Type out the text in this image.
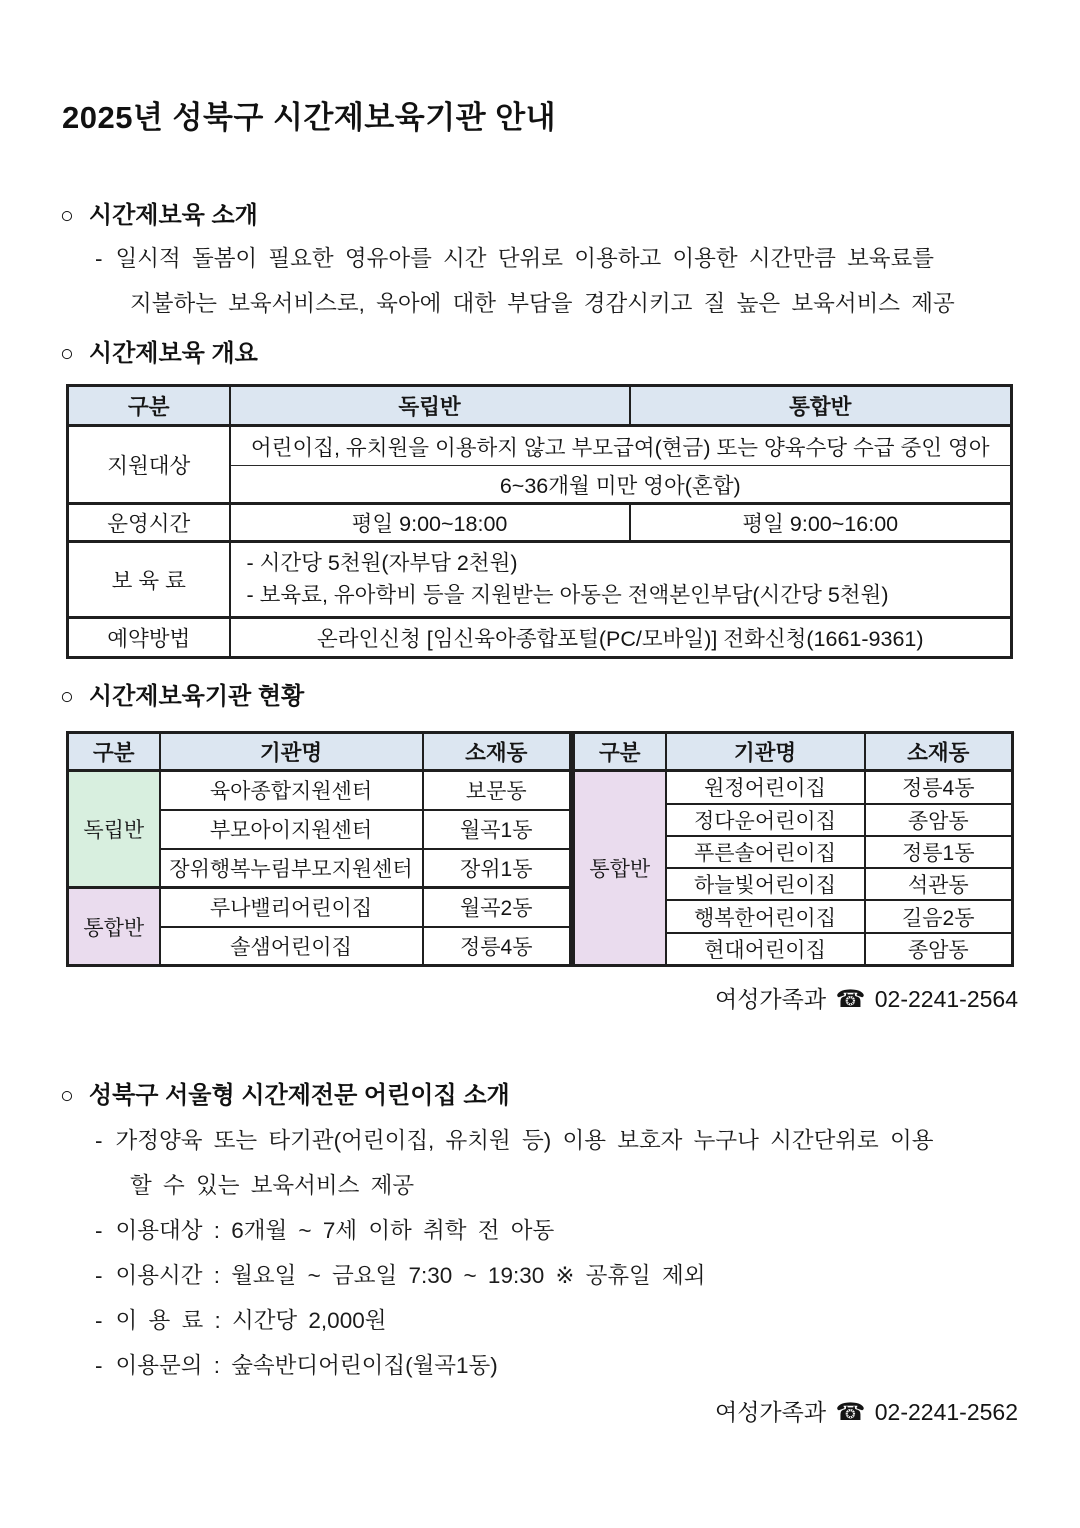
2025년 성북구 시간제보육기관 안내
○ 시간제보육 소개
- 일시적 돌봄이 필요한 영유아를 시간 단위로 이용하고 이용한 시간만큼 보육료를
지불하는 보육서비스로, 육아에 대한 부담을 경감시키고 질 높은 보육서비스 제공
○ 시간제보육 개요
구분	독립반	통합반
지원대상	어린이집, 유치원을 이용하지 않고 부모급여(현금) 또는 양육수당 수급 중인 영아	
	6~36개월 미만 영아(혼합)	
운영시간	평일 9:00~18:00	평일 9:00~16:00
보 육 료	- 시간당 5천원(자부담 2천원)
- 보육료, 유아학비 등을 지원받는 아동은 전액본인부담(시간당 5천원)	

예약방법	온라인신청 [임신육아종합포털(PC/모바일)] 전화신청(1661-9361)	
○ 시간제보육기관 현황
구분	기관명	소재동
독립반	육아종합지원센터	보문동
	부모아이지원센터	월곡1동
	장위행복누림부모지원센터	장위1동
통합반	루나밸리어린이집	월곡2동
	솔샘어린이집	정릉4동
구분	기관명	소재동
통합반	원정어린이집	정릉4동
	정다운어린이집	종암동
	푸른솔어린이집	정릉1동
	하늘빛어린이집	석관동
	행복한어린이집	길음2동
	현대어린이집	종암동
여성가족과 ☎ 02-2241-2564
○ 성북구 서울형 시간제전문 어린이집 소개
- 가정양육 또는 타기관(어린이집, 유치원 등) 이용 보호자 누구나 시간단위로 이용
할 수 있는 보육서비스 제공
- 이용대상 : 6개월 ~ 7세 이하 취학 전 아동
- 이용시간 : 월요일 ~ 금요일 7:30 ~ 19:30 ※ 공휴일 제외
- 이 용 료 : 시간당 2,000원
- 이용문의 : 숲속반디어린이집(월곡1동)
여성가족과 ☎ 02-2241-2562
